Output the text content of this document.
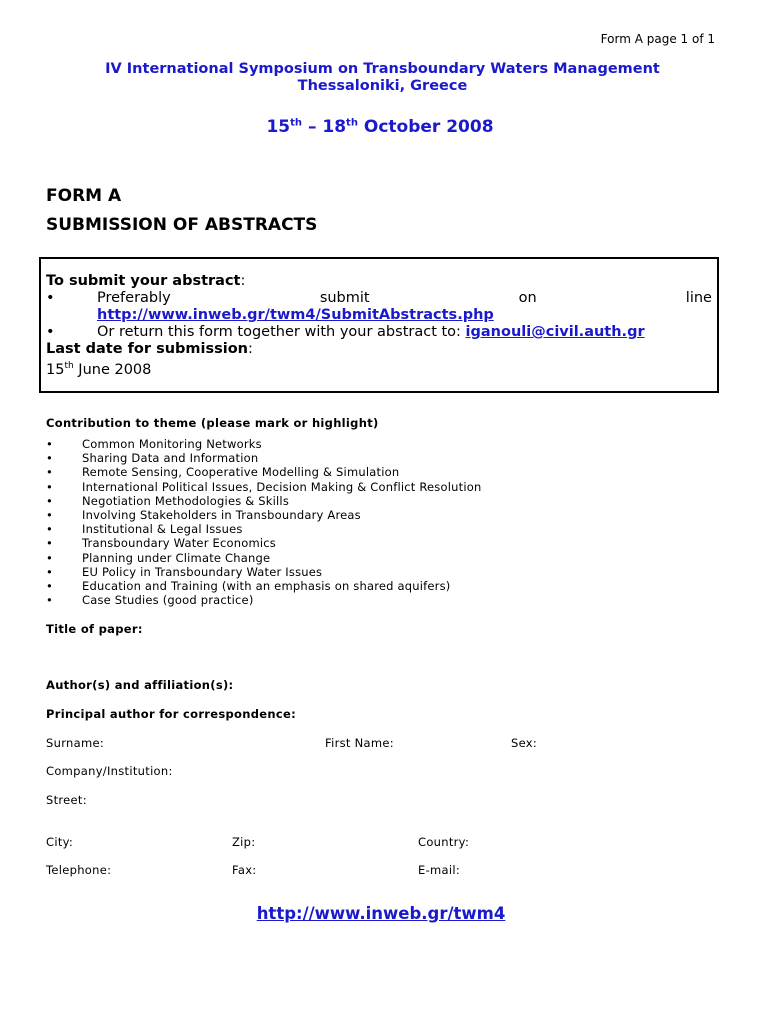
Form A page 1 of 1
IV International Symposium on Transboundary Waters Management
Thessaloniki, Greece
15th – 18th October 2008
FORM A
SUBMISSION OF ABSTRACTS
To submit your abstract:
•	Preferably	submit	on	line
http://www.inweb.gr/twm4/SubmitAbstracts.php
•	Or return this form together with your abstract to: iganouli@civil.auth.gr
Last date for submission:
15th June 2008
Contribution to theme (please mark or highlight)
• Common Monitoring Networks
• Sharing Data and Information
• Remote Sensing, Cooperative Modelling & Simulation
• International Political Issues, Decision Making & Conflict Resolution
• Negotiation Methodologies & Skills
• Involving Stakeholders in Transboundary Areas
• Institutional & Legal Issues
• Transboundary Water Economics
• Planning under Climate Change
• EU Policy in Transboundary Water Issues
• Education and Training (with an emphasis on shared aquifers)
• Case Studies (good practice)
Title of paper:
Author(s) and affiliation(s):
Principal author for correspondence:
Surname:	First Name:	Sex:
Company/Institution:
Street:
City:	Zip:	Country:
Telephone:	Fax:	E-mail:
http://www.inweb.gr/twm4
